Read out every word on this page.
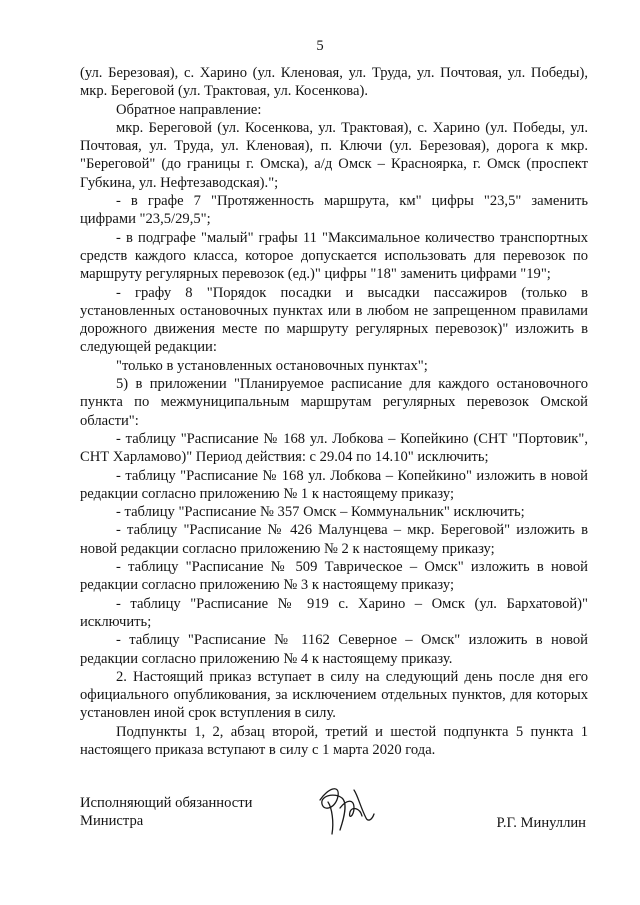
5

(ул. Березовая), с. Харино (ул. Кленовая, ул. Труда, ул. Почтовая, ул. Победы), мкр. Береговой (ул. Трактовая, ул. Косенкова).

Обратное направление:

мкр. Береговой (ул. Косенкова, ул. Трактовая), с. Харино (ул. Победы, ул. Почтовая, ул. Труда, ул. Кленовая), п. Ключи (ул. Березовая), дорога к мкр. "Береговой" (до границы г. Омска), а/д Омск – Красноярка, г. Омск (проспект Губкина, ул. Нефтезаводская).";

- в графе 7 "Протяженность маршрута, км" цифры "23,5" заменить цифрами "23,5/29,5";

- в подграфе "малый" графы 11 "Максимальное количество транспортных средств каждого класса, которое допускается использовать для перевозок по маршруту регулярных перевозок (ед.)" цифры "18" заменить цифрами "19";

- графу 8 "Порядок посадки и высадки пассажиров (только в установленных остановочных пунктах или в любом не запрещенном правилами дорожного движения месте по маршруту регулярных перевозок)" изложить в следующей редакции:

"только в установленных остановочных пунктах";

5) в приложении "Планируемое расписание для каждого остановочного пункта по межмуниципальным маршрутам регулярных перевозок Омской области":

- таблицу "Расписание № 168 ул. Лобкова – Копейкино (СНТ "Портовик", СНТ Харламово)" Период действия: с 29.04 по 14.10" исключить;

- таблицу "Расписание № 168 ул. Лобкова – Копейкино" изложить в новой редакции согласно приложению № 1 к настоящему приказу;

- таблицу "Расписание № 357 Омск – Коммунальник" исключить;

- таблицу "Расписание № 426 Малунцева – мкр. Береговой" изложить в новой редакции согласно приложению № 2 к настоящему приказу;

- таблицу "Расписание № 509 Таврическое – Омск" изложить в новой редакции согласно приложению № 3 к настоящему приказу;

- таблицу "Расписание № 919 с. Харино – Омск (ул. Бархатовой)" исключить;

- таблицу "Расписание № 1162 Северное – Омск" изложить в новой редакции согласно приложению № 4 к настоящему приказу.

2. Настоящий приказ вступает в силу на следующий день после дня его официального опубликования, за исключением отдельных пунктов, для которых установлен иной срок вступления в силу.

Подпункты 1, 2, абзац второй, третий и шестой подпункта 5 пункта 1 настоящего приказа вступают в силу с 1 марта 2020 года.

Исполняющий обязанности
Министра	Р.Г. Минуллин
